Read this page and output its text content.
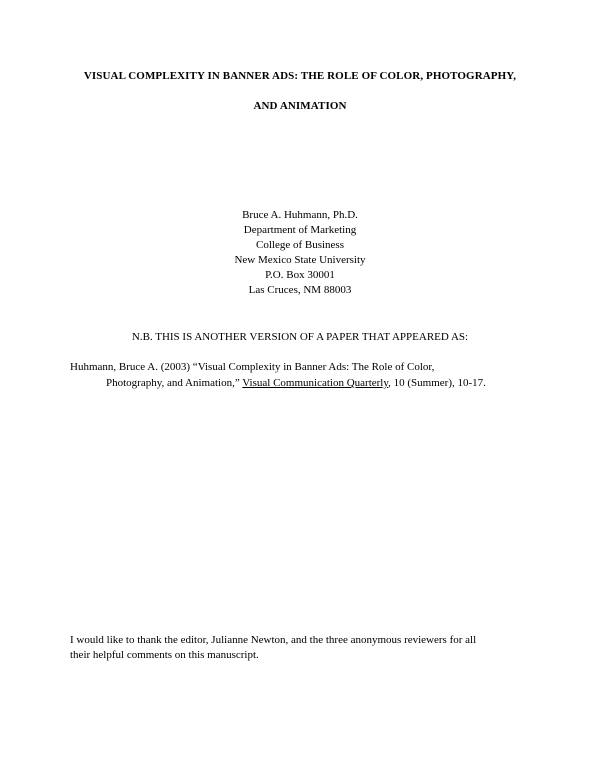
VISUAL COMPLEXITY IN BANNER ADS: THE ROLE OF COLOR, PHOTOGRAPHY,
AND ANIMATION
Bruce A. Huhmann, Ph.D.
Department of Marketing
College of Business
New Mexico State University
P.O. Box 30001
Las Cruces, NM 88003
N.B. THIS IS ANOTHER VERSION OF A PAPER THAT APPEARED AS:
Huhmann, Bruce A. (2003) “Visual Complexity in Banner Ads: The Role of Color,
Photography, and Animation,” Visual Communication Quarterly, 10 (Summer), 10-17.
I would like to thank the editor, Julianne Newton, and the three anonymous reviewers for all
their helpful comments on this manuscript.
